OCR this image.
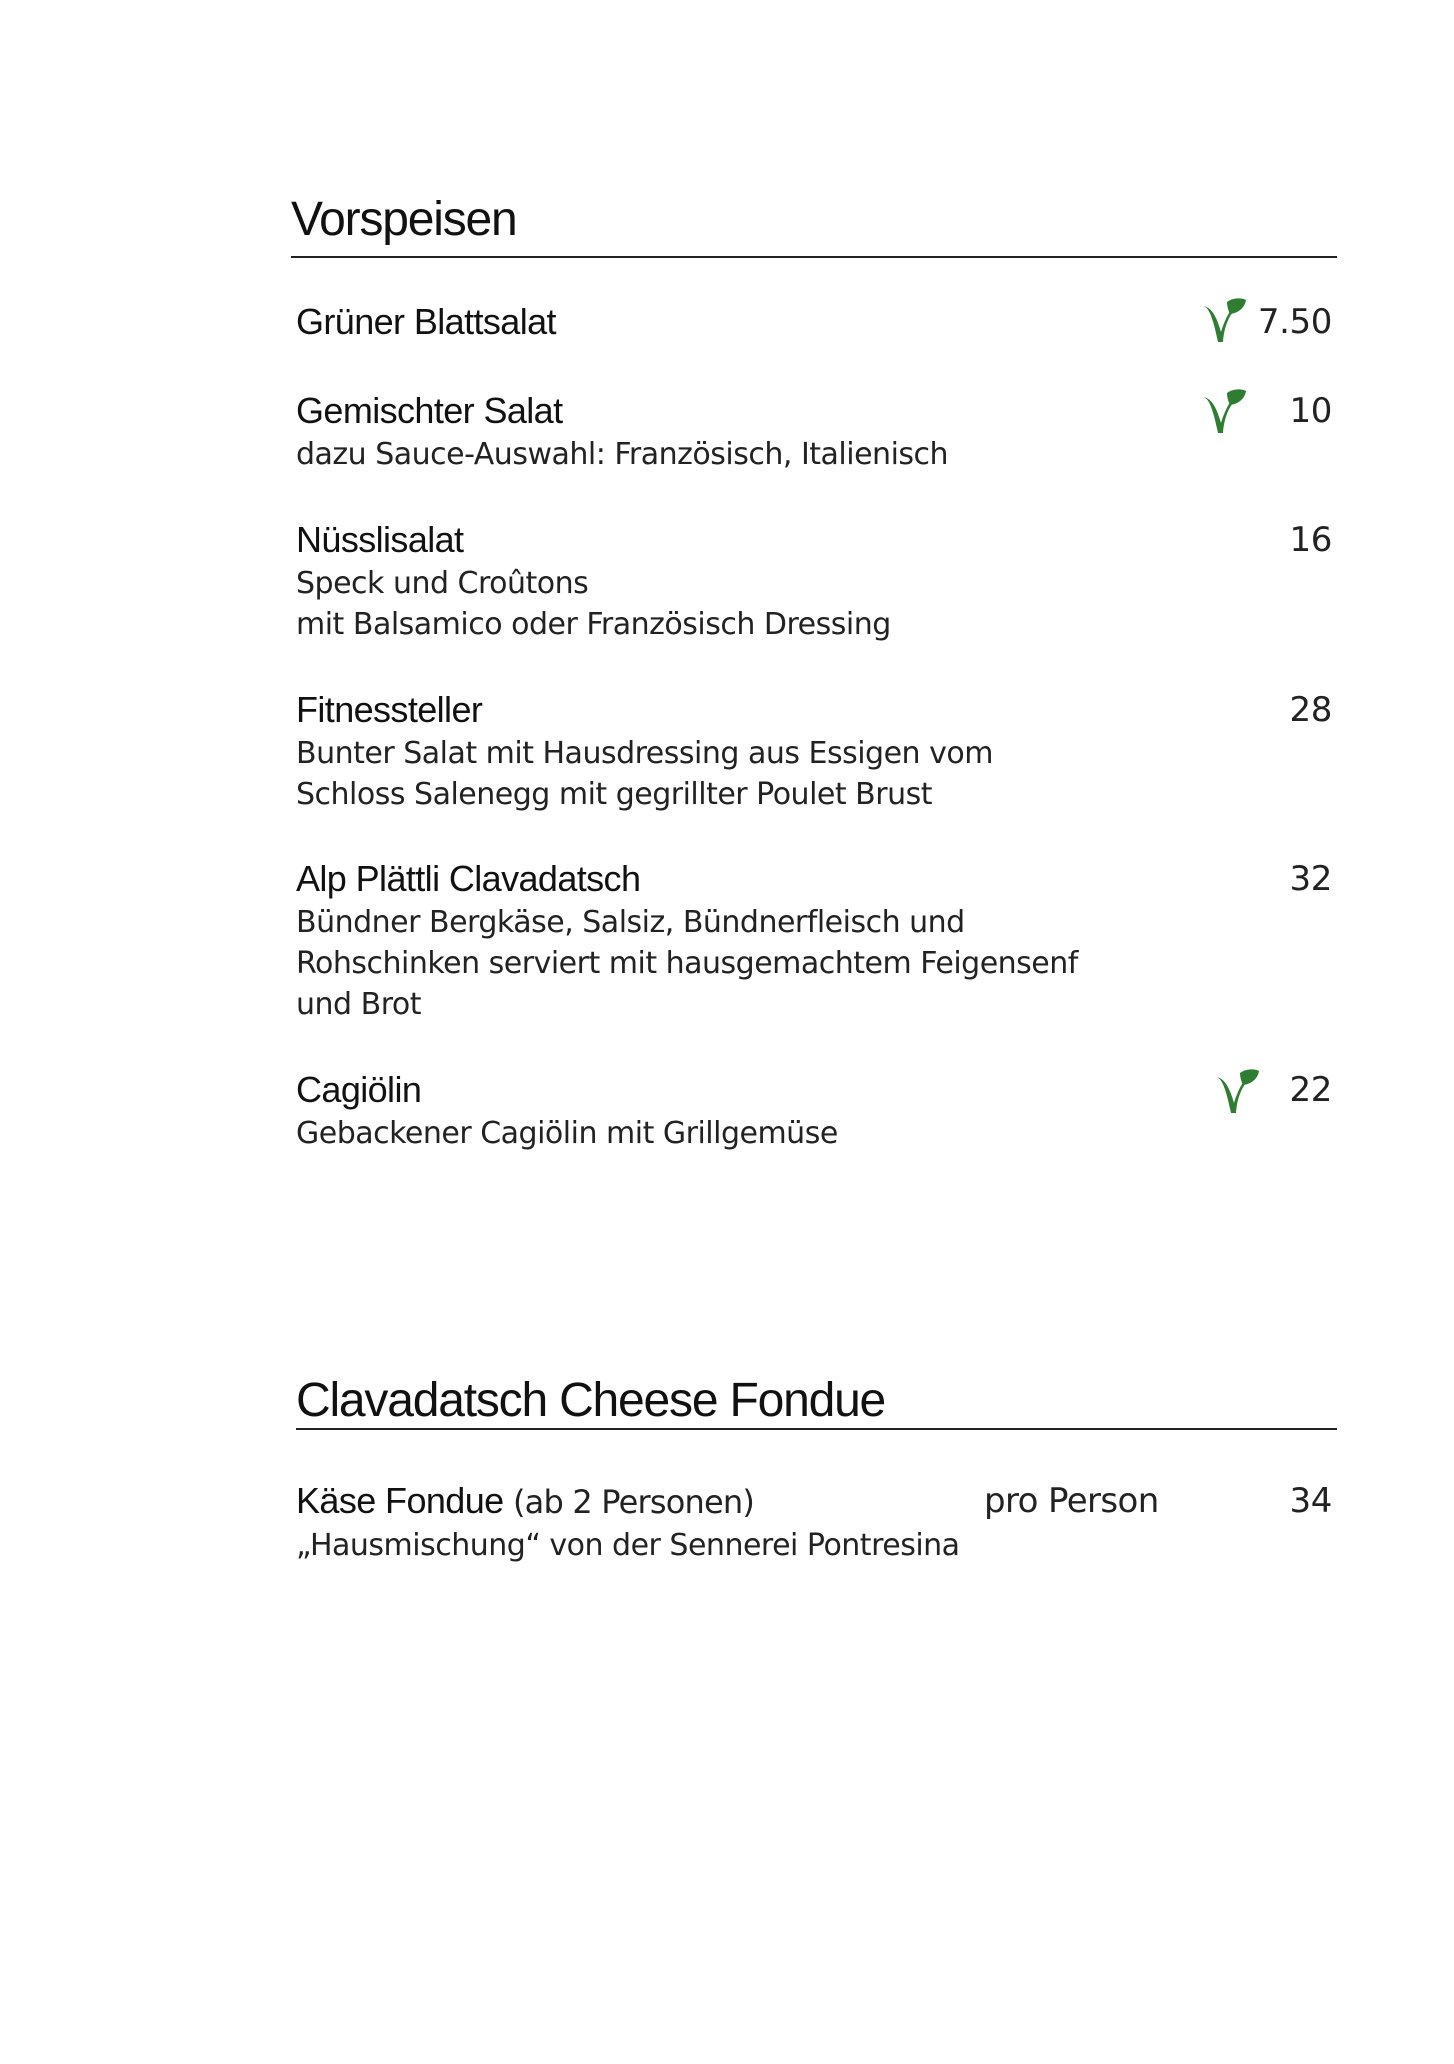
Vorspeisen

Grüner Blattsalat	7.50

Gemischter Salat	10

dazu Sauce-Auswahl: Französisch, Italienisch

Nüsslisalat	16

Speck und Croûtons
mit Balsamico oder Französisch Dressing

Fitnessteller	28

Bunter Salat mit Hausdressing aus Essigen vom
Schloss Salenegg mit gegrillter Poulet Brust

Alp Plättli Clavadatsch	32

Bündner Bergkäse, Salsiz, Bündnerfleisch und
Rohschinken serviert mit hausgemachtem Feigensenf
und Brot

Cagiölin	22

Gebackener Cagiölin mit Grillgemüse
Clavadatsch Cheese Fondue

Käse Fondue (ab 2 Personen)	pro Person	34

„Hausmischung“ von der Sennerei Pontresina
